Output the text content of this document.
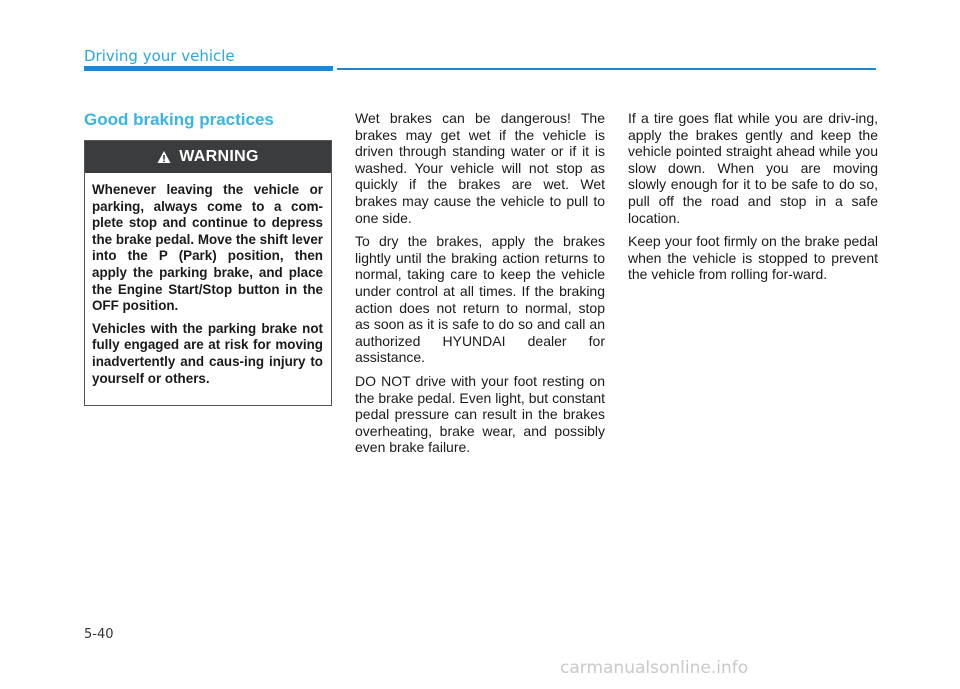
Driving your vehicle
Good braking practices
WARNING

Whenever leaving the vehicle or parking, always come to a com-plete stop and continue to depress the brake pedal. Move the shift lever into the P (Park) position, then apply the parking brake, and place the Engine Start/Stop button in the OFF position.

Vehicles with the parking brake not fully engaged are at risk for moving inadvertently and caus-ing injury to yourself or others.

Wet brakes can be dangerous! The brakes may get wet if the vehicle is driven through standing water or if it is washed. Your vehicle will not stop as quickly if the brakes are wet. Wet brakes may cause the vehicle to pull to one side.

To dry the brakes, apply the brakes lightly until the braking action returns to normal, taking care to keep the vehicle under control at all times. If the braking action does not return to normal, stop as soon as it is safe to do so and call an authorized HYUNDAI dealer for assistance.

DO NOT drive with your foot resting on the brake pedal. Even light, but constant pedal pressure can result in the brakes overheating, brake wear, and possibly even brake failure.

If a tire goes flat while you are driv-ing, apply the brakes gently and keep the vehicle pointed straight ahead while you slow down. When you are moving slowly enough for it to be safe to do so, pull off the road and stop in a safe location.

Keep your foot firmly on the brake pedal when the vehicle is stopped to prevent the vehicle from rolling for-ward.

5-40
carmanualsonline.info
